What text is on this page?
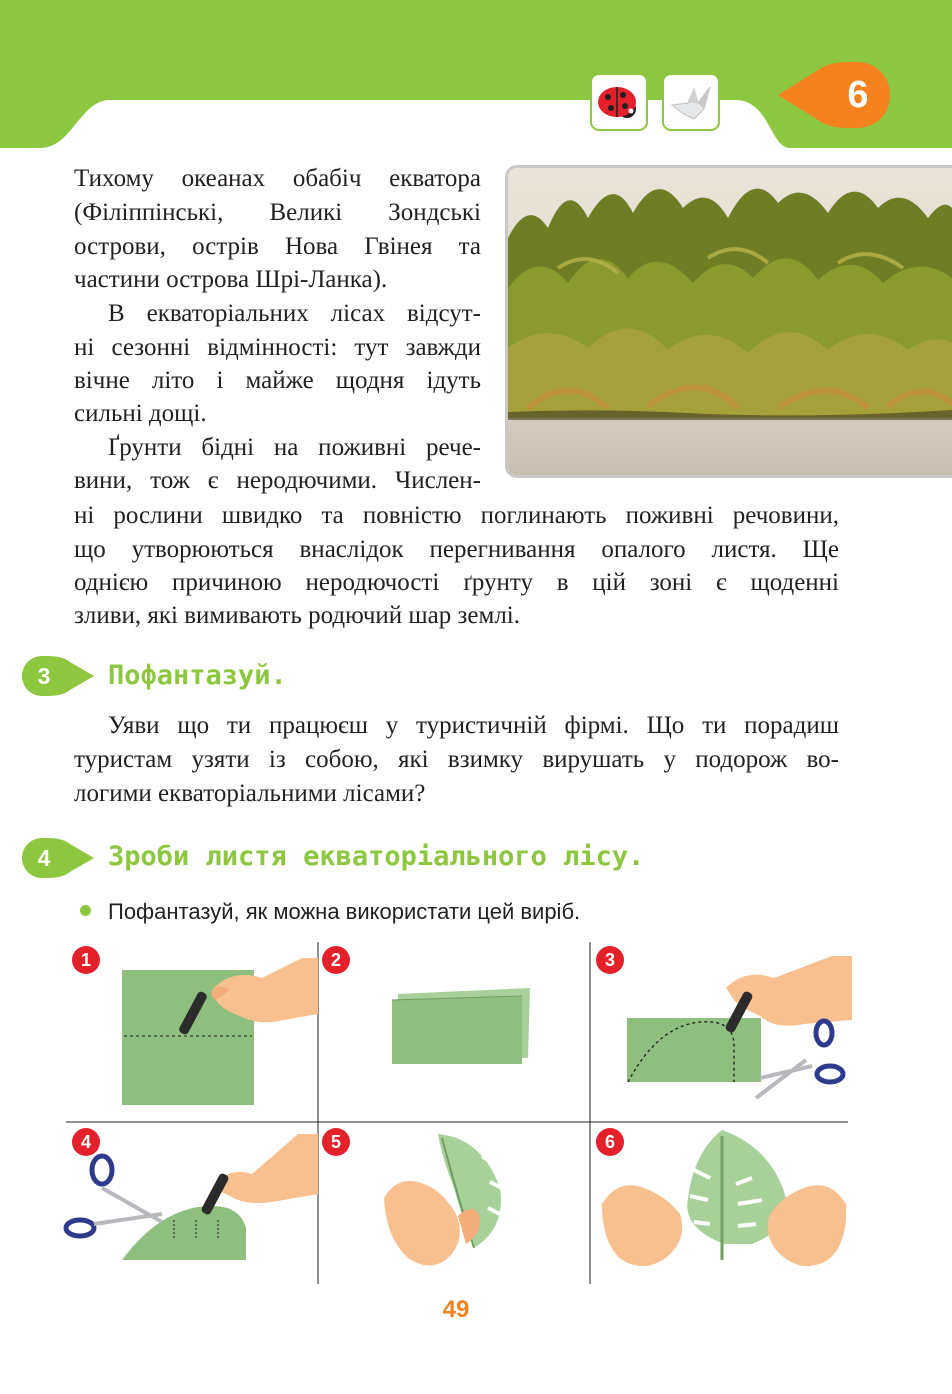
6

Тихому океанах обабіч екватора

(Філіппінські, Великі Зондські

острови, острів Нова Гвінея та

частини острова Шрі-Ланка).

В екваторіальних лісах відсут-

ні сезонні відмінності: тут завжди

вічне літо і майже щодня ідуть

сильні дощі.

Ґрунти бідні на поживні рече-

вини, тож є неродючими. Числен-

ні рослини швидко та повністю поглинають поживні речовини,

що утворюються внаслідок перегнивання опалого листя. Ще

однією причиною неродючості ґрунту в цій зоні є щоденні

зливи, які вимивають родючий шар землі.

3	Пофантазуй.

Уяви що ти працюєш у туристичній фірмі. Що ти порадиш

туристам узяти із собою, які взимку вирушать у подорож во-

логими екваторіальними лісами?

4	Зроби листя екваторіального лісу.
Пофантазуй, як можна використати цей виріб.
1	2	3
4	5	6
49
